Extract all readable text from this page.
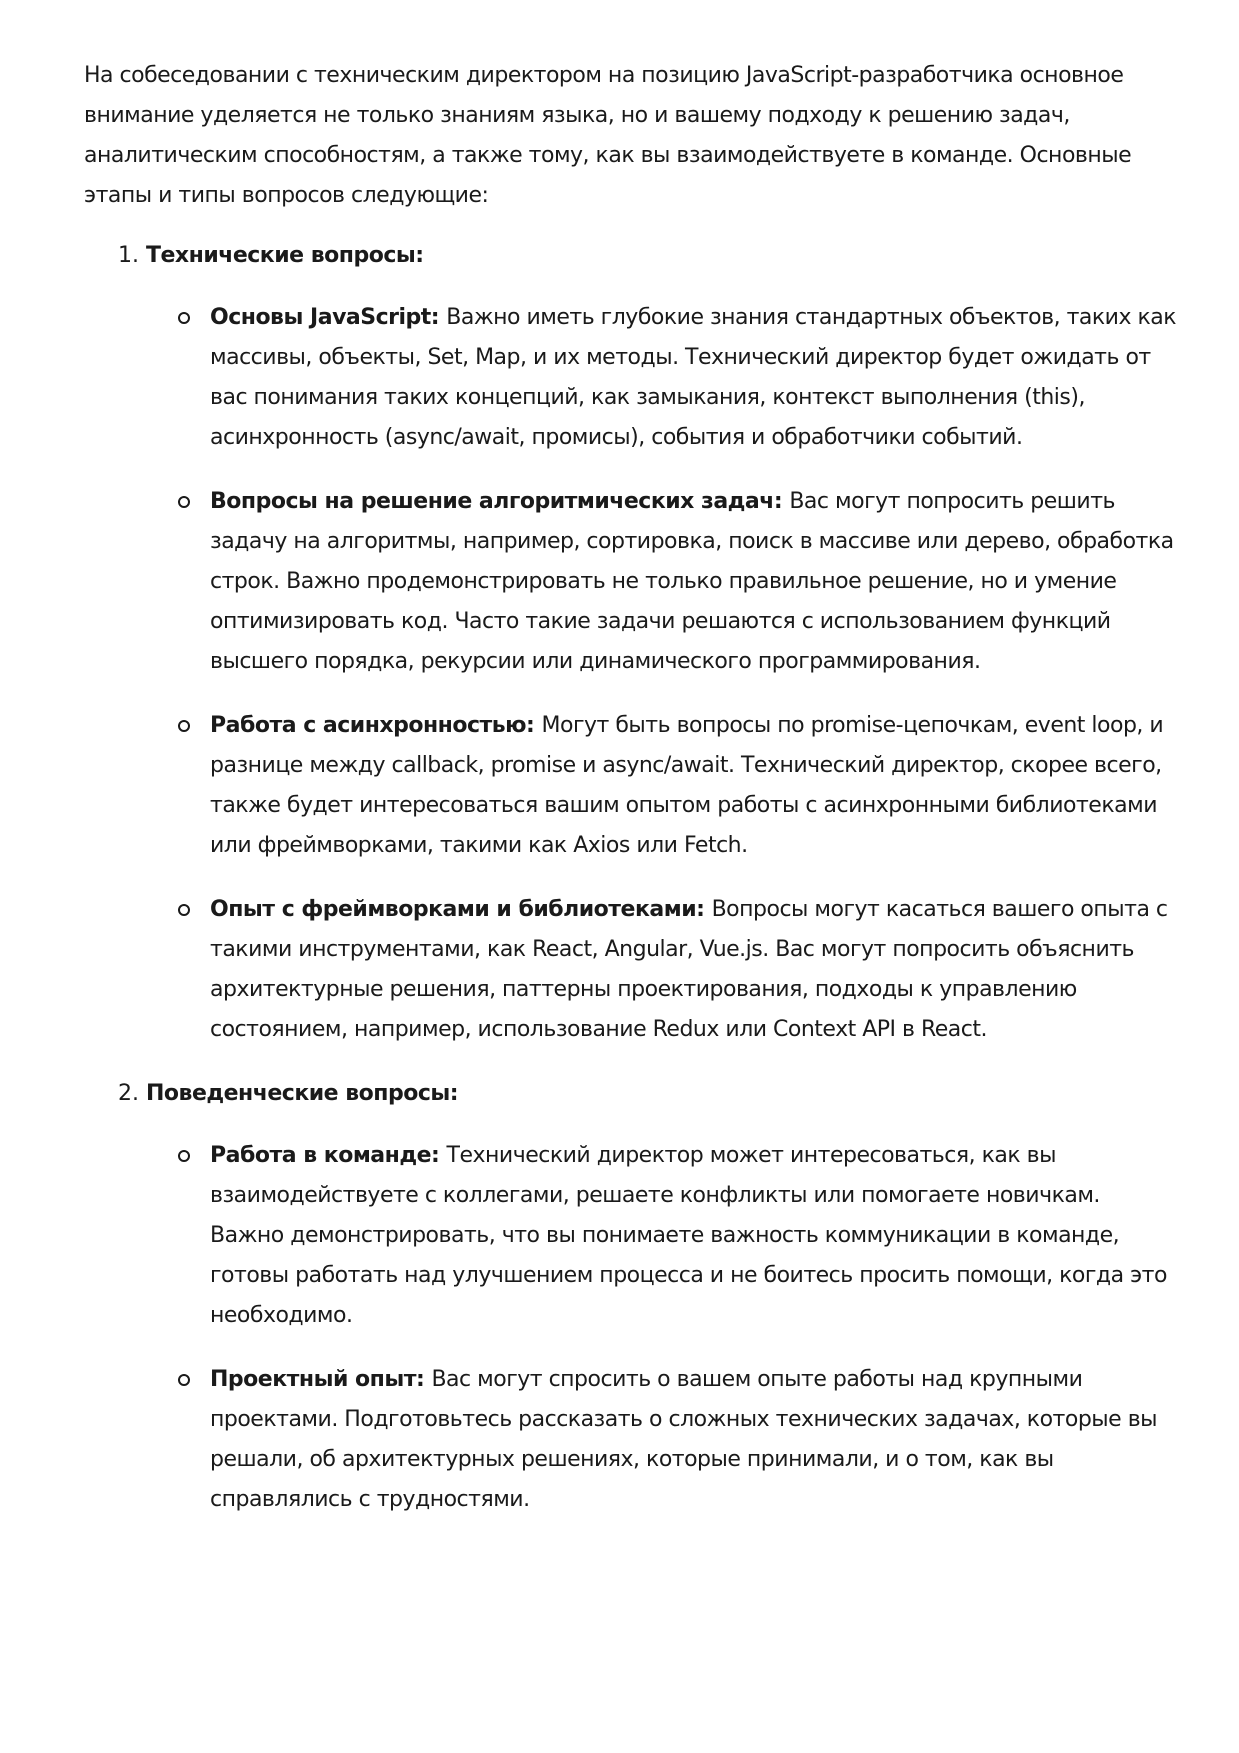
На собеседовании с техническим директором на позицию JavaScript-разработчика основное внимание уделяется не только знаниям языка, но и вашему подходу к решению задач, аналитическим способностям, а также тому, как вы взаимодействуете в команде. Основные этапы и типы вопросов следующие:

1. Технические вопросы:
Основы JavaScript: Важно иметь глубокие знания стандартных объектов, таких как массивы, объекты, Set, Map, и их методы. Технический директор будет ожидать от вас понимания таких концепций, как замыкания, контекст выполнения (this), асинхронность (async/await, промисы), события и обработчики событий.
Вопросы на решение алгоритмических задач: Вас могут попросить решить задачу на алгоритмы, например, сортировка, поиск в массиве или дерево, обработка строк. Важно продемонстрировать не только правильное решение, но и умение оптимизировать код. Часто такие задачи решаются с использованием функций высшего порядка, рекурсии или динамического программирования.
Работа с асинхронностью: Могут быть вопросы по promise-цепочкам, event loop, и разнице между callback, promise и async/await. Технический директор, скорее всего, также будет интересоваться вашим опытом работы с асинхронными библиотеками или фреймворками, такими как Axios или Fetch.
Опыт с фреймворками и библиотеками: Вопросы могут касаться вашего опыта с такими инструментами, как React, Angular, Vue.js. Вас могут попросить объяснить архитектурные решения, паттерны проектирования, подходы к управлению состоянием, например, использование Redux или Context API в React.
2. Поведенческие вопросы:
Работа в команде: Технический директор может интересоваться, как вы взаимодействуете с коллегами, решаете конфликты или помогаете новичкам. Важно демонстрировать, что вы понимаете важность коммуникации в команде, готовы работать над улучшением процесса и не боитесь просить помощи, когда это необходимо.
Проектный опыт: Вас могут спросить о вашем опыте работы над крупными проектами. Подготовьтесь рассказать о сложных технических задачах, которые вы решали, об архитектурных решениях, которые принимали, и о том, как вы справлялись с трудностями.
